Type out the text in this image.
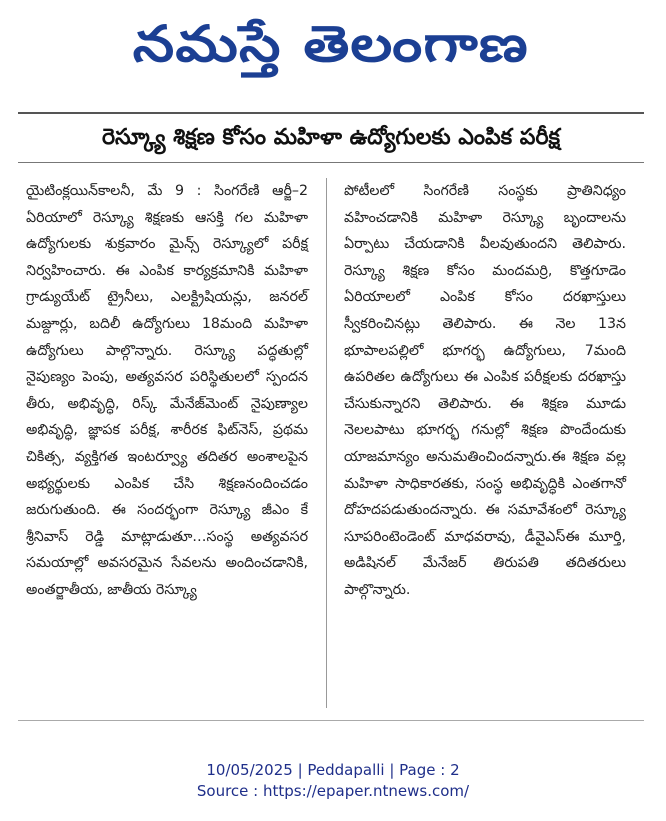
నమస్తే తెలంగాణ
రెస్క్యూ శిక్షణ కోసం మహిళా ఉద్యోగులకు ఎంపిక పరీక్ష

యైటింక్లయిన్‌కాలనీ, మే 9 : సింగరేణి ఆర్జీ–2 ఏరియాలో రెస్క్యూ శిక్షణకు ఆసక్తి గల మహిళా ఉద్యోగులకు శుక్రవారం మైన్స్ రెస్క్యూలో పరీక్ష నిర్వహించారు. ఈ ఎంపిక కార్యక్రమానికి మహిళా గ్రాడ్యుయేట్ ట్రైనీలు, ఎలక్ట్రిషియన్లు, జనరల్ మజ్దూర్లు, బదిలీ ఉద్యోగులు 18మంది మహిళా ఉద్యోగులు పాల్గొన్నారు. రెస్క్యూ పద్ధతుల్లో నైపుణ్యం పెంపు, అత్యవసర పరిస్థితులలో స్పందన తీరు, అభివృద్ధి, రిస్క్ మేనేజ్‌మెంట్ నైపుణ్యాల అభివృద్ధి, జ్ఞాపక పరీక్ష, శారీరక ఫిట్‌నెస్, ప్రథమ చికిత్స, వ్యక్తిగత ఇంటర్వ్యూ తదితర అంశాలపైన అభ్యర్థులకు ఎంపిక చేసి శిక్షణనందించడం జరుగుతుంది. ఈ సందర్భంగా రెస్క్యూ జీఎం కే శ్రీనివాస్ రెడ్డి మాట్లాడుతూ…సంస్థ అత్యవసర సమయాల్లో అవసరమైన సేవలను అందించడానికి, అంతర్జాతీయ, జాతీయ రెస్క్యూ

పోటీలలో సింగరేణి సంస్థకు ప్రాతినిధ్యం వహించడానికి మహిళా రెస్క్యూ బృందాలను ఏర్పాటు చేయడానికి వీలవుతుందని తెలిపారు. రెస్క్యూ శిక్షణ కోసం మందమర్రి, కొత్తగూడెం ఏరియాలలో ఎంపిక కోసం దరఖాస్తులు స్వీకరించినట్లు తెలిపారు. ఈ నెల 13న భూపాలపల్లిలో భూగర్భ ఉద్యోగులు, 7మంది ఉపరితల ఉద్యోగులు ఈ ఎంపిక పరీక్షలకు దరఖాస్తు చేసుకున్నారని తెలిపారు. ఈ శిక్షణ మూడు నెలలపాటు భూగర్భ గనుల్లో శిక్షణ పొందేందుకు యాజమాన్యం అనుమతించిందన్నారు.ఈ శిక్షణ వల్ల మహిళా సాధికారతకు, సంస్థ అభివృద్ధికి ఎంతగానో దోహదపడుతుందన్నారు. ఈ సమావేశంలో రెస్క్యూ సూపరింటెండెంట్ మాధవరావు, డీవైఎస్ఈ మూర్తి, అడిషినల్ మేనేజర్ తిరుపతి తదితరులు పాల్గొన్నారు.

10/05/2025 | Peddapalli | Page : 2
Source : https://epaper.ntnews.com/
